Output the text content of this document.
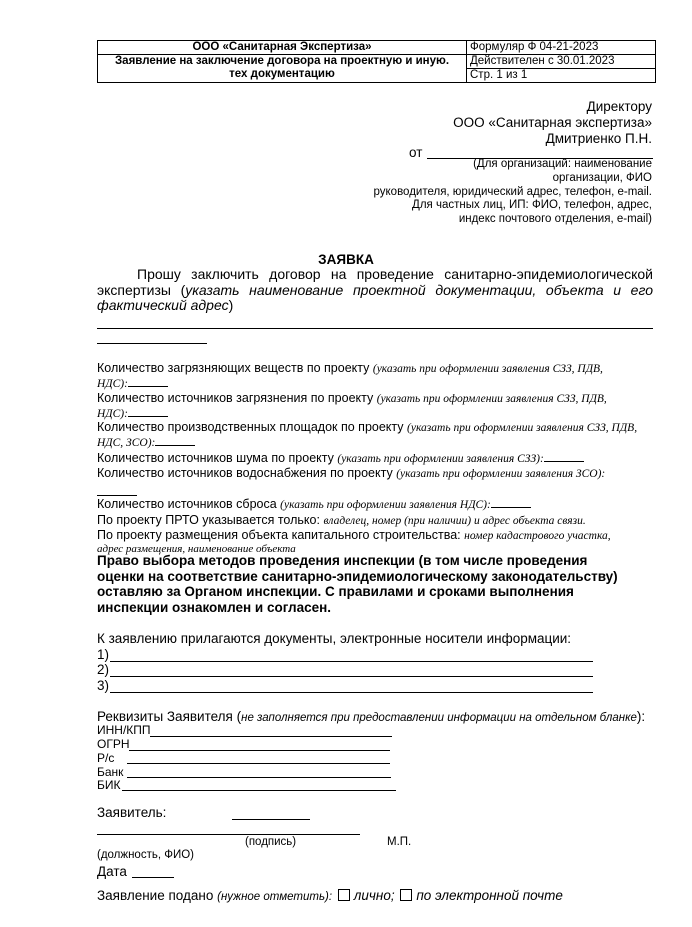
ООО «Санитарная Экспертиза»	Формуляр Ф 04-21-2023
Заявление на заключение договора на проектную и иную.
тех документацию	Действителен с 30.01.2023
	Стр. 1 из 1
Директору
ООО «Санитарная экспертиза»
Дмитриенко П.Н.
от
(Для организаций: наименование
организации, ФИО
руководителя, юридический адрес, телефон, e-mail.
Для частных лиц, ИП: ФИО, телефон, адрес,
индекс почтового отделения, e-mail)
ЗАЯВКА
Прошу заключить договор на проведение санитарно-эпидемиологической
экспертизы (указать наименование проектной документации, объекта и его
фактический адрес)
Количество загрязняющих веществ по проекту (указать при оформлении заявления СЗЗ, ПДВ,
НДС):
Количество источников загрязнения по проекту (указать при оформлении заявления СЗЗ, ПДВ,
НДС):
Количество производственных площадок по проекту (указать при оформлении заявления СЗЗ, ПДВ,
НДС, ЗСО):
Количество источников шума по проекту (указать при оформлении заявления СЗЗ):
Количество источников водоснабжения по проекту (указать при оформлении заявления ЗСО):
Количество источников сброса (указать при оформлении заявления НДС):
По проекту ПРТО указывается только: владелец, номер (при наличии) и адрес объекта связи.
По проекту размещения объекта капитального строительства: номер кадастрового участка,
адрес размещения, наименование объекта
Право выбора методов проведения инспекции (в том числе проведения
оценки на соответствие санитарно-эпидемиологическому законодательству)
оставляю за Органом инспекции. С правилами и сроками выполнения
инспекции ознакомлен и согласен.
К заявлению прилагаются документы, электронные носители информации:
1)
2)
3)
Реквизиты Заявителя (не заполняется при предоставлении информации на отдельном бланке):
ИНН/КПП
ОГРН
Р/с
Банк
БИК
Заявитель:
(подпись)	М.П.
(должность, ФИО)
Дата
Заявление подано (нужное отметить): лично; по электронной почте
